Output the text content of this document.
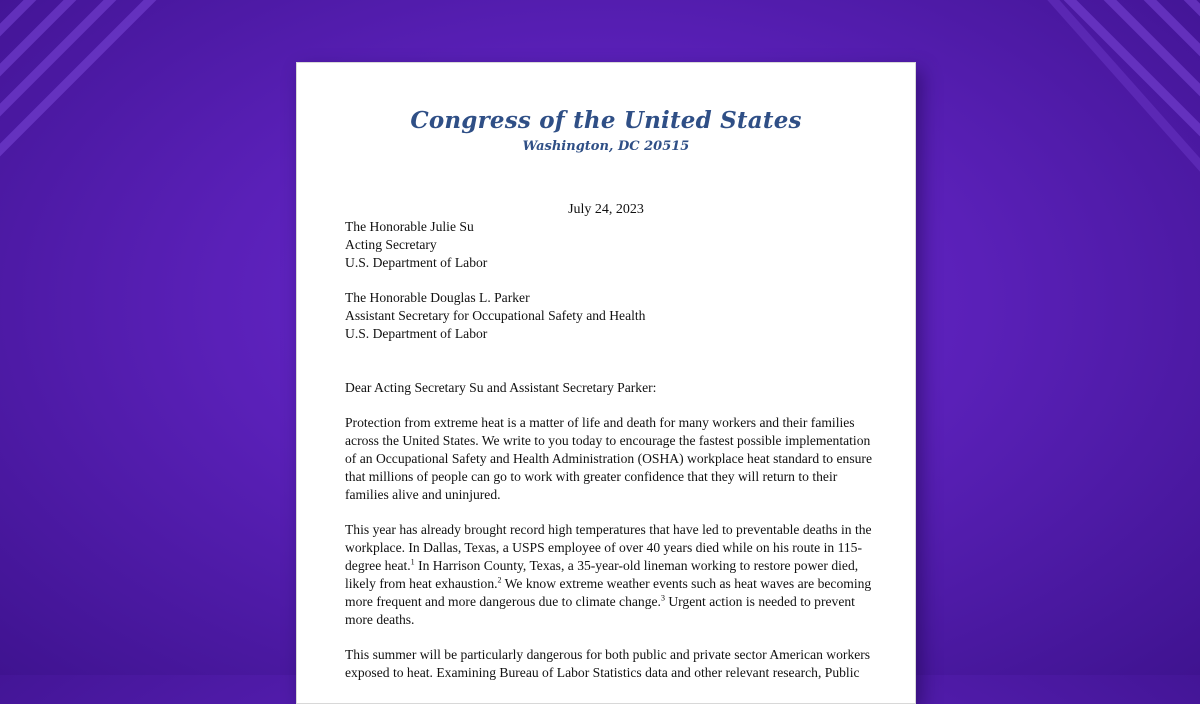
Congress of the United States
Washington, DC 20515
July 24, 2023
The Honorable Julie Su
Acting Secretary
U.S. Department of Labor
The Honorable Douglas L. Parker
Assistant Secretary for Occupational Safety and Health
U.S. Department of Labor
Dear Acting Secretary Su and Assistant Secretary Parker:
Protection from extreme heat is a matter of life and death for many workers and their families
across the United States. We write to you today to encourage the fastest possible implementation
of an Occupational Safety and Health Administration (OSHA) workplace heat standard to ensure
that millions of people can go to work with greater confidence that they will return to their
families alive and uninjured.
This year has already brought record high temperatures that have led to preventable deaths in the
workplace. In Dallas, Texas, a USPS employee of over 40 years died while on his route in 115-
degree heat.$^1$ In Harrison County, Texas, a 35-year-old lineman working to restore power died,
likely from heat exhaustion.$^2$ We know extreme weather events such as heat waves are becoming
more frequent and more dangerous due to climate change.$^3$ Urgent action is needed to prevent
more deaths.
This summer will be particularly dangerous for both public and private sector American workers
exposed to heat. Examining Bureau of Labor Statistics data and other relevant research, Public
